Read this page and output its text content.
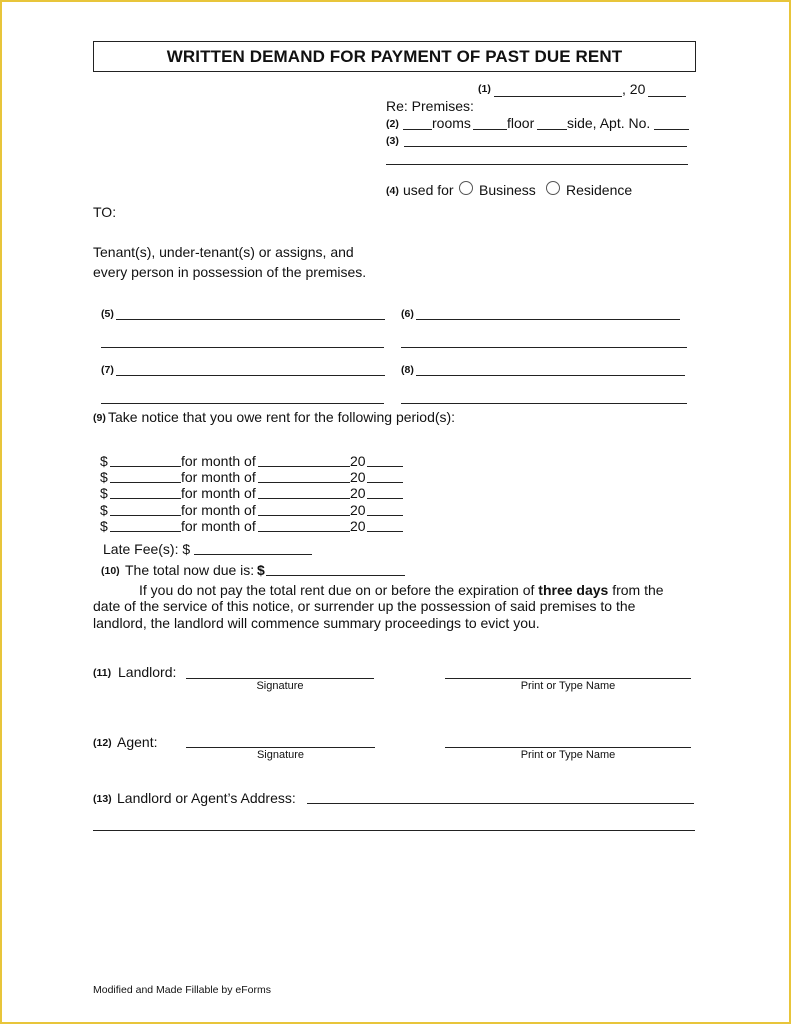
WRITTEN DEMAND FOR PAYMENT OF PAST DUE RENT
(1)	, 20
Re: Premises:
(2) rooms	floor side, Apt. No.
(3)
(4) used for Business Residence
TO:
Tenant(s), under-tenant(s) or assigns, and
every person in possession of the premises.
(5)	(6)
(7)	(8)
(9) Take notice that you owe rent for the following period(s):
$	for month of	20
$	for month of	20
$	for month of	20
$	for month of	20
$	for month of	20
Late Fee(s): $
(10) The total now due is: $
If you do not pay the total rent due on or before the expiration of three days from the
date of the service of this notice, or surrender up the possession of said premises to the
landlord, the landlord will commence summary proceedings to evict you.
(11) Landlord:
Signature	Print or Type Name
(12) Agent:
Signature	Print or Type Name
(13) Landlord or Agent’s Address:
Modified and Made Fillable by eForms
